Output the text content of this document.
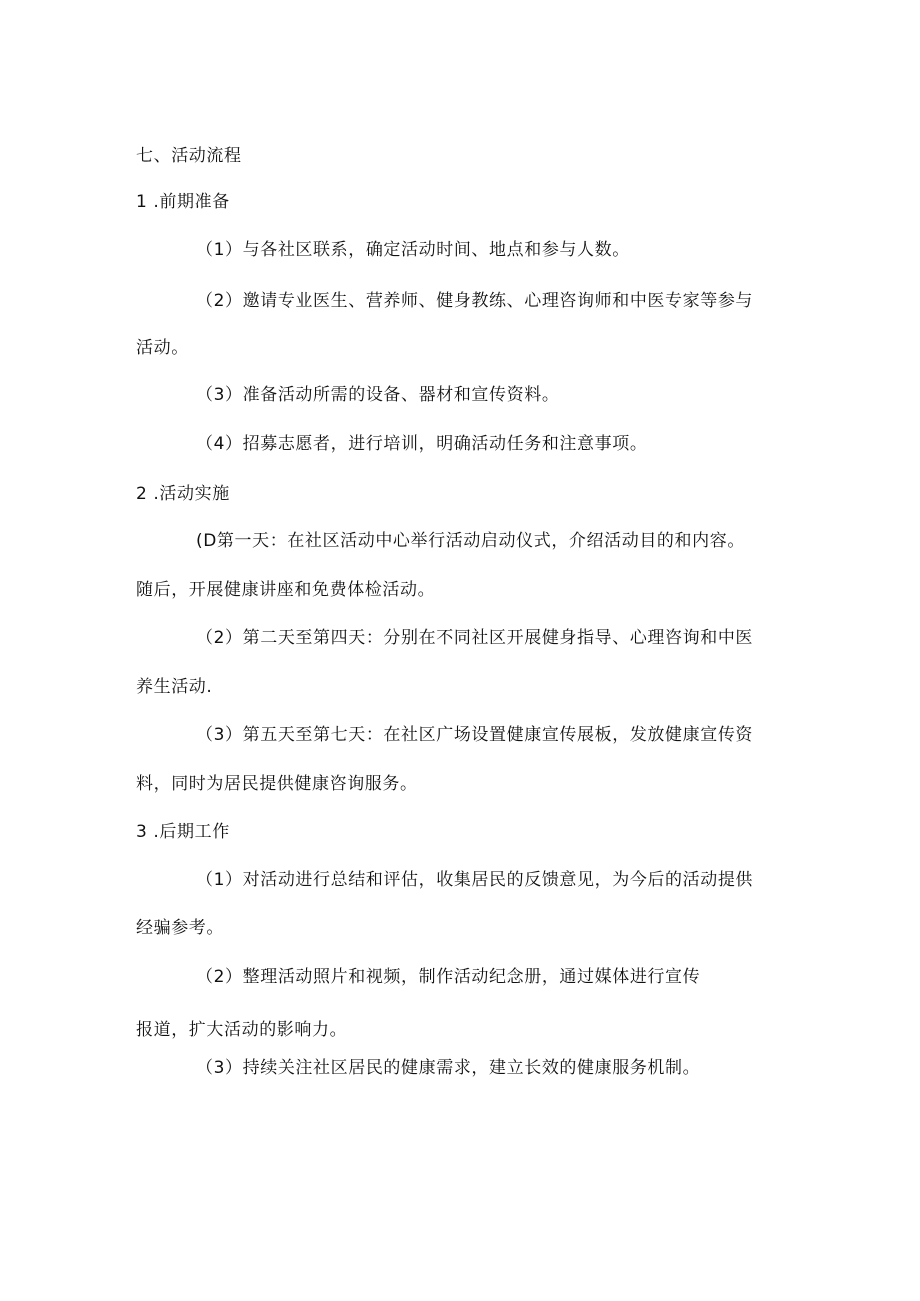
七、活动流程
1 .前期准备
（1）与各社区联系，确定活动时间、地点和参与人数。
（2）邀请专业医生、营养师、健身教练、心理咨询师和中医专家等参与
活动。
（3）准备活动所需的设备、器材和宣传资料。
（4）招募志愿者，进行培训，明确活动任务和注意事项。
2 .活动实施
(D第一天：在社区活动中心举行活动启动仪式，介绍活动目的和内容。
随后，开展健康讲座和免费体检活动。
（2）第二天至第四天：分别在不同社区开展健身指导、心理咨询和中医
养生活动.
（3）第五天至第七天：在社区广场设置健康宣传展板，发放健康宣传资
料，同时为居民提供健康咨询服务。
3 .后期工作
（1）对活动进行总结和评估，收集居民的反馈意见，为今后的活动提供
经骗参考。
（2）整理活动照片和视频，制作活动纪念册，通过媒体进行宣传
报道，扩大活动的影响力。
（3）持续关注社区居民的健康需求，建立长效的健康服务机制。
